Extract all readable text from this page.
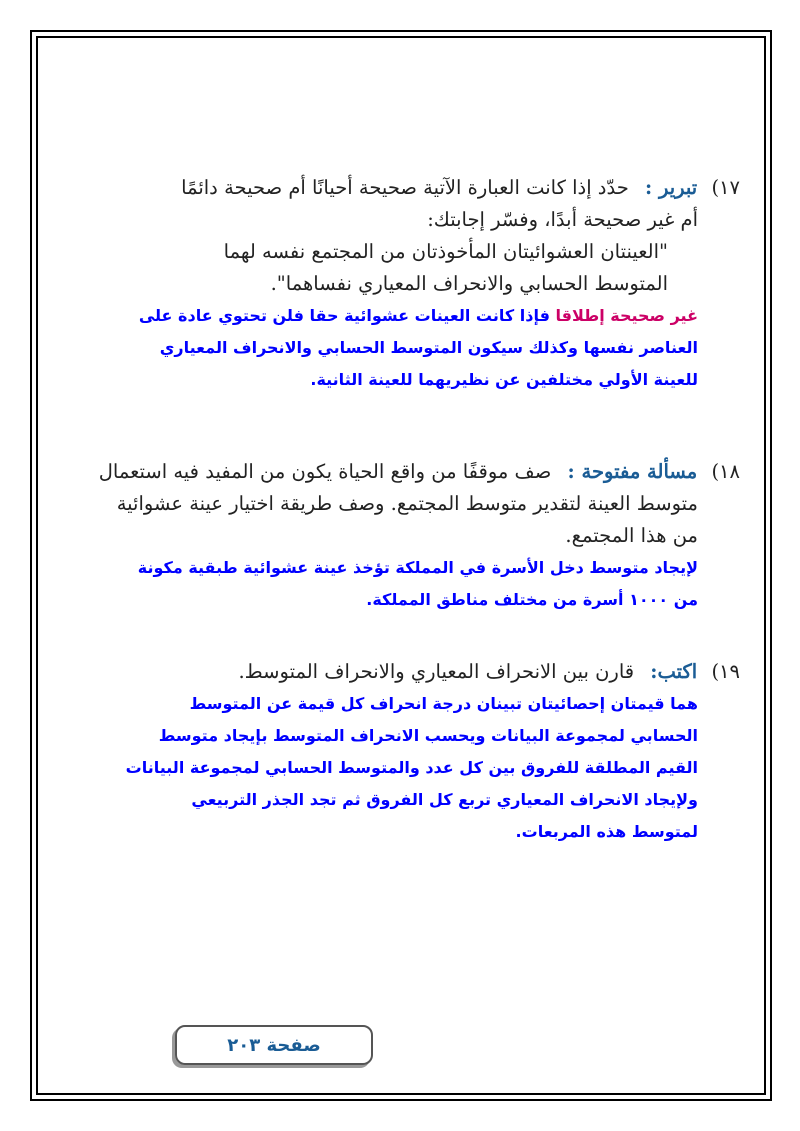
١٧) تبرير : حدّد إذا كانت العبارة الآتية صحيحة أحيانًا أم صحيحة دائمًا
أم غير صحيحة أبدًا، وفسّر إجابتك:
"العينتان العشوائيتان المأخوذتان من المجتمع نفسه لهما
المتوسط الحسابي والانحراف المعياري نفساهما".
غير صحيحة إطلاقا فإذا كانت العينات عشوائية حقا فلن تحتوي عادة على
العناصر نفسها وكذلك سيكون المتوسط الحسابي والانحراف المعياري
للعينة الأولي مختلفين عن نظيريهما للعينة الثانية.
١٨) مسألة مفتوحة : صف موقفًا من واقع الحياة يكون من المفيد فيه استعمال
متوسط العينة لتقدير متوسط المجتمع. وصف طريقة اختيار عينة عشوائية
من هذا المجتمع.
لإيجاد متوسط دخل الأسرة في المملكة تؤخذ عينة عشوائية طبقية مكونة
من ١٠٠٠ أسرة من مختلف مناطق المملكة.
١٩) اكتب: قارن بين الانحراف المعياري والانحراف المتوسط.
هما قيمتان إحصائيتان تبينان درجة انحراف كل قيمة عن المتوسط
الحسابي لمجموعة البيانات ويحسب الانحراف المتوسط بإيجاد متوسط
القيم المطلقة للفروق بين كل عدد والمتوسط الحسابي لمجموعة البيانات
ولإيجاد الانحراف المعياري تربع كل الفروق ثم تجد الجذر التربيعي
لمتوسط هذه المربعات.
صفحة ٢٠٣
